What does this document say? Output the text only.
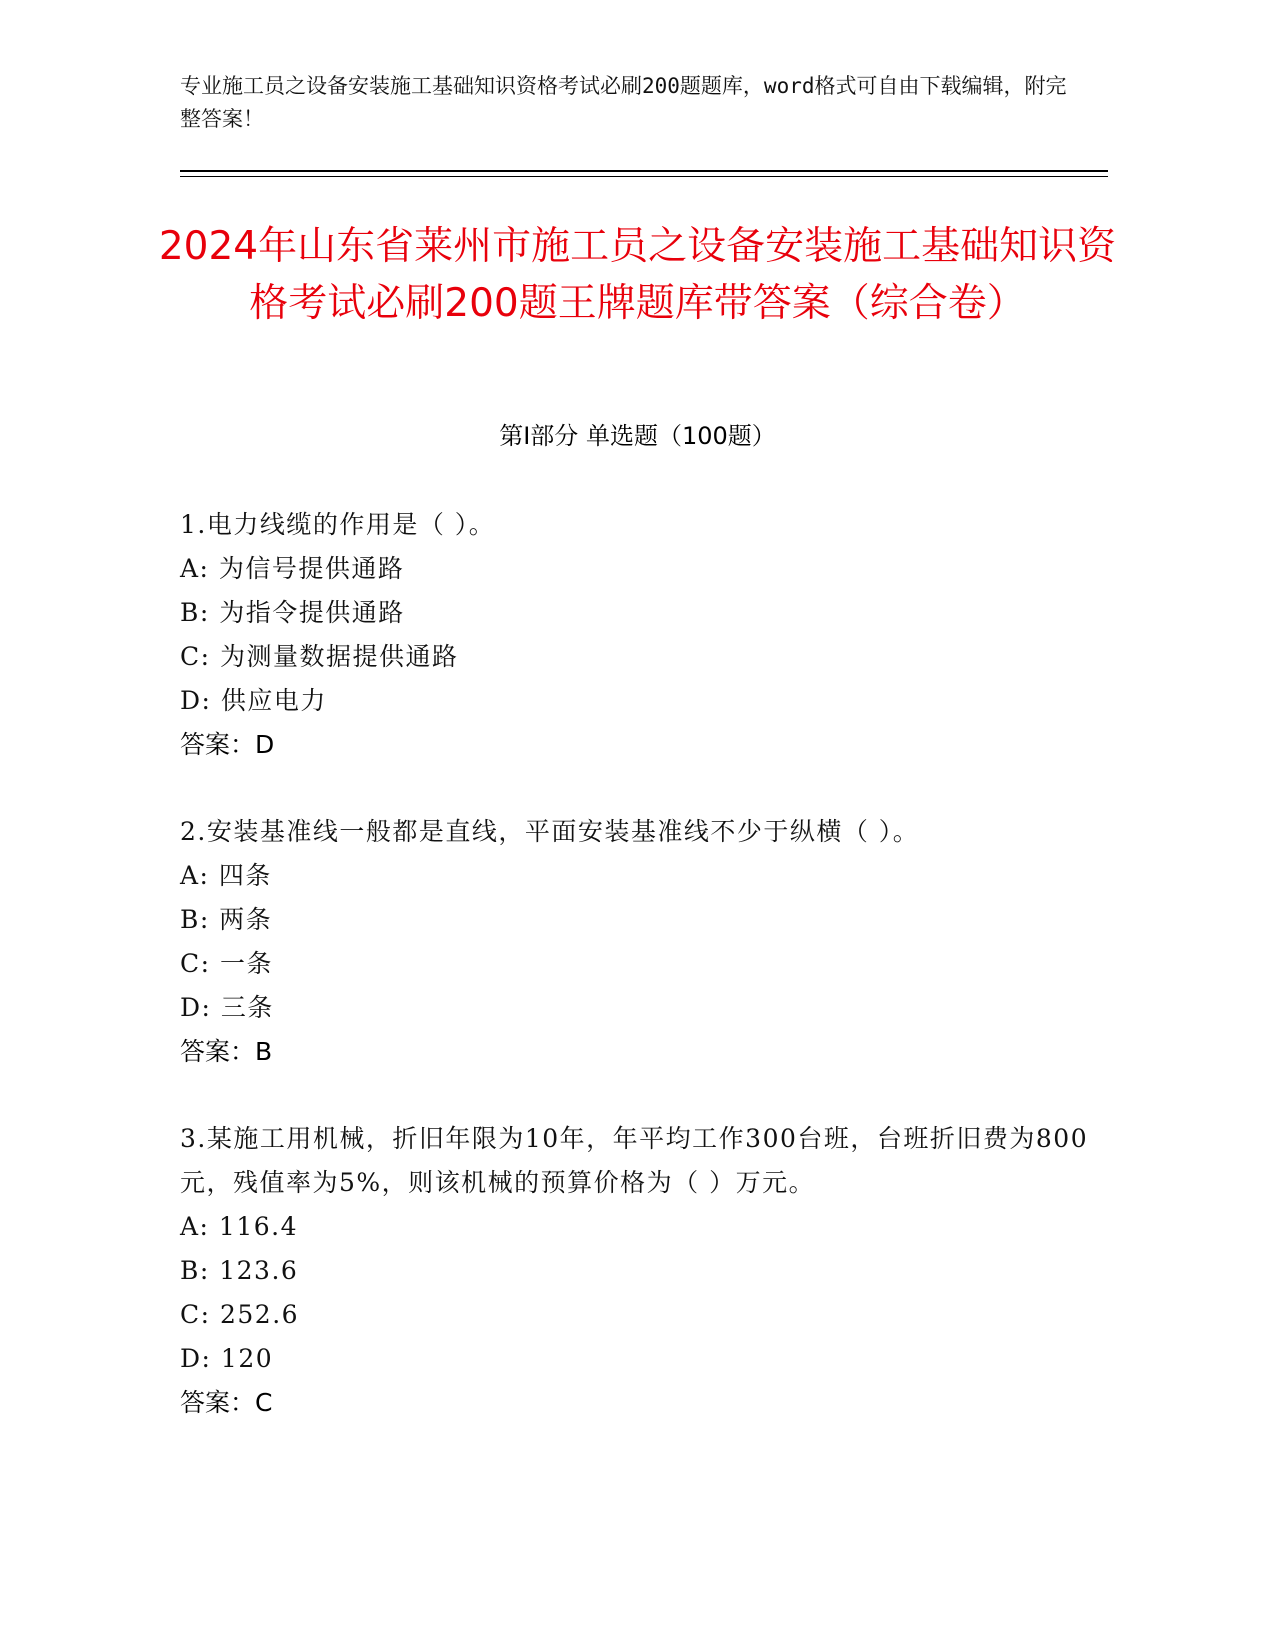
专业施工员之设备安装施工基础知识资格考试必刷200题题库，word格式可自由下载编辑，附完整答案！
2024年山东省莱州市施工员之设备安装施工基础知识资格考试必刷200题王牌题库带答案（综合卷）
第I部分 单选题（100题）
1.电力线缆的作用是（ ）。
A: 为信号提供通路
B: 为指令提供通路
C: 为测量数据提供通路
D: 供应电力
答案：D
2.安装基准线一般都是直线，平面安装基准线不少于纵横（ ）。
A: 四条
B: 两条
C: 一条
D: 三条
答案：B
3.某施工用机械，折旧年限为10年，年平均工作300台班，台班折旧费为800元，残值率为5%，则该机械的预算价格为（ ）万元。
A: 116.4
B: 123.6
C: 252.6
D: 120
答案：C
